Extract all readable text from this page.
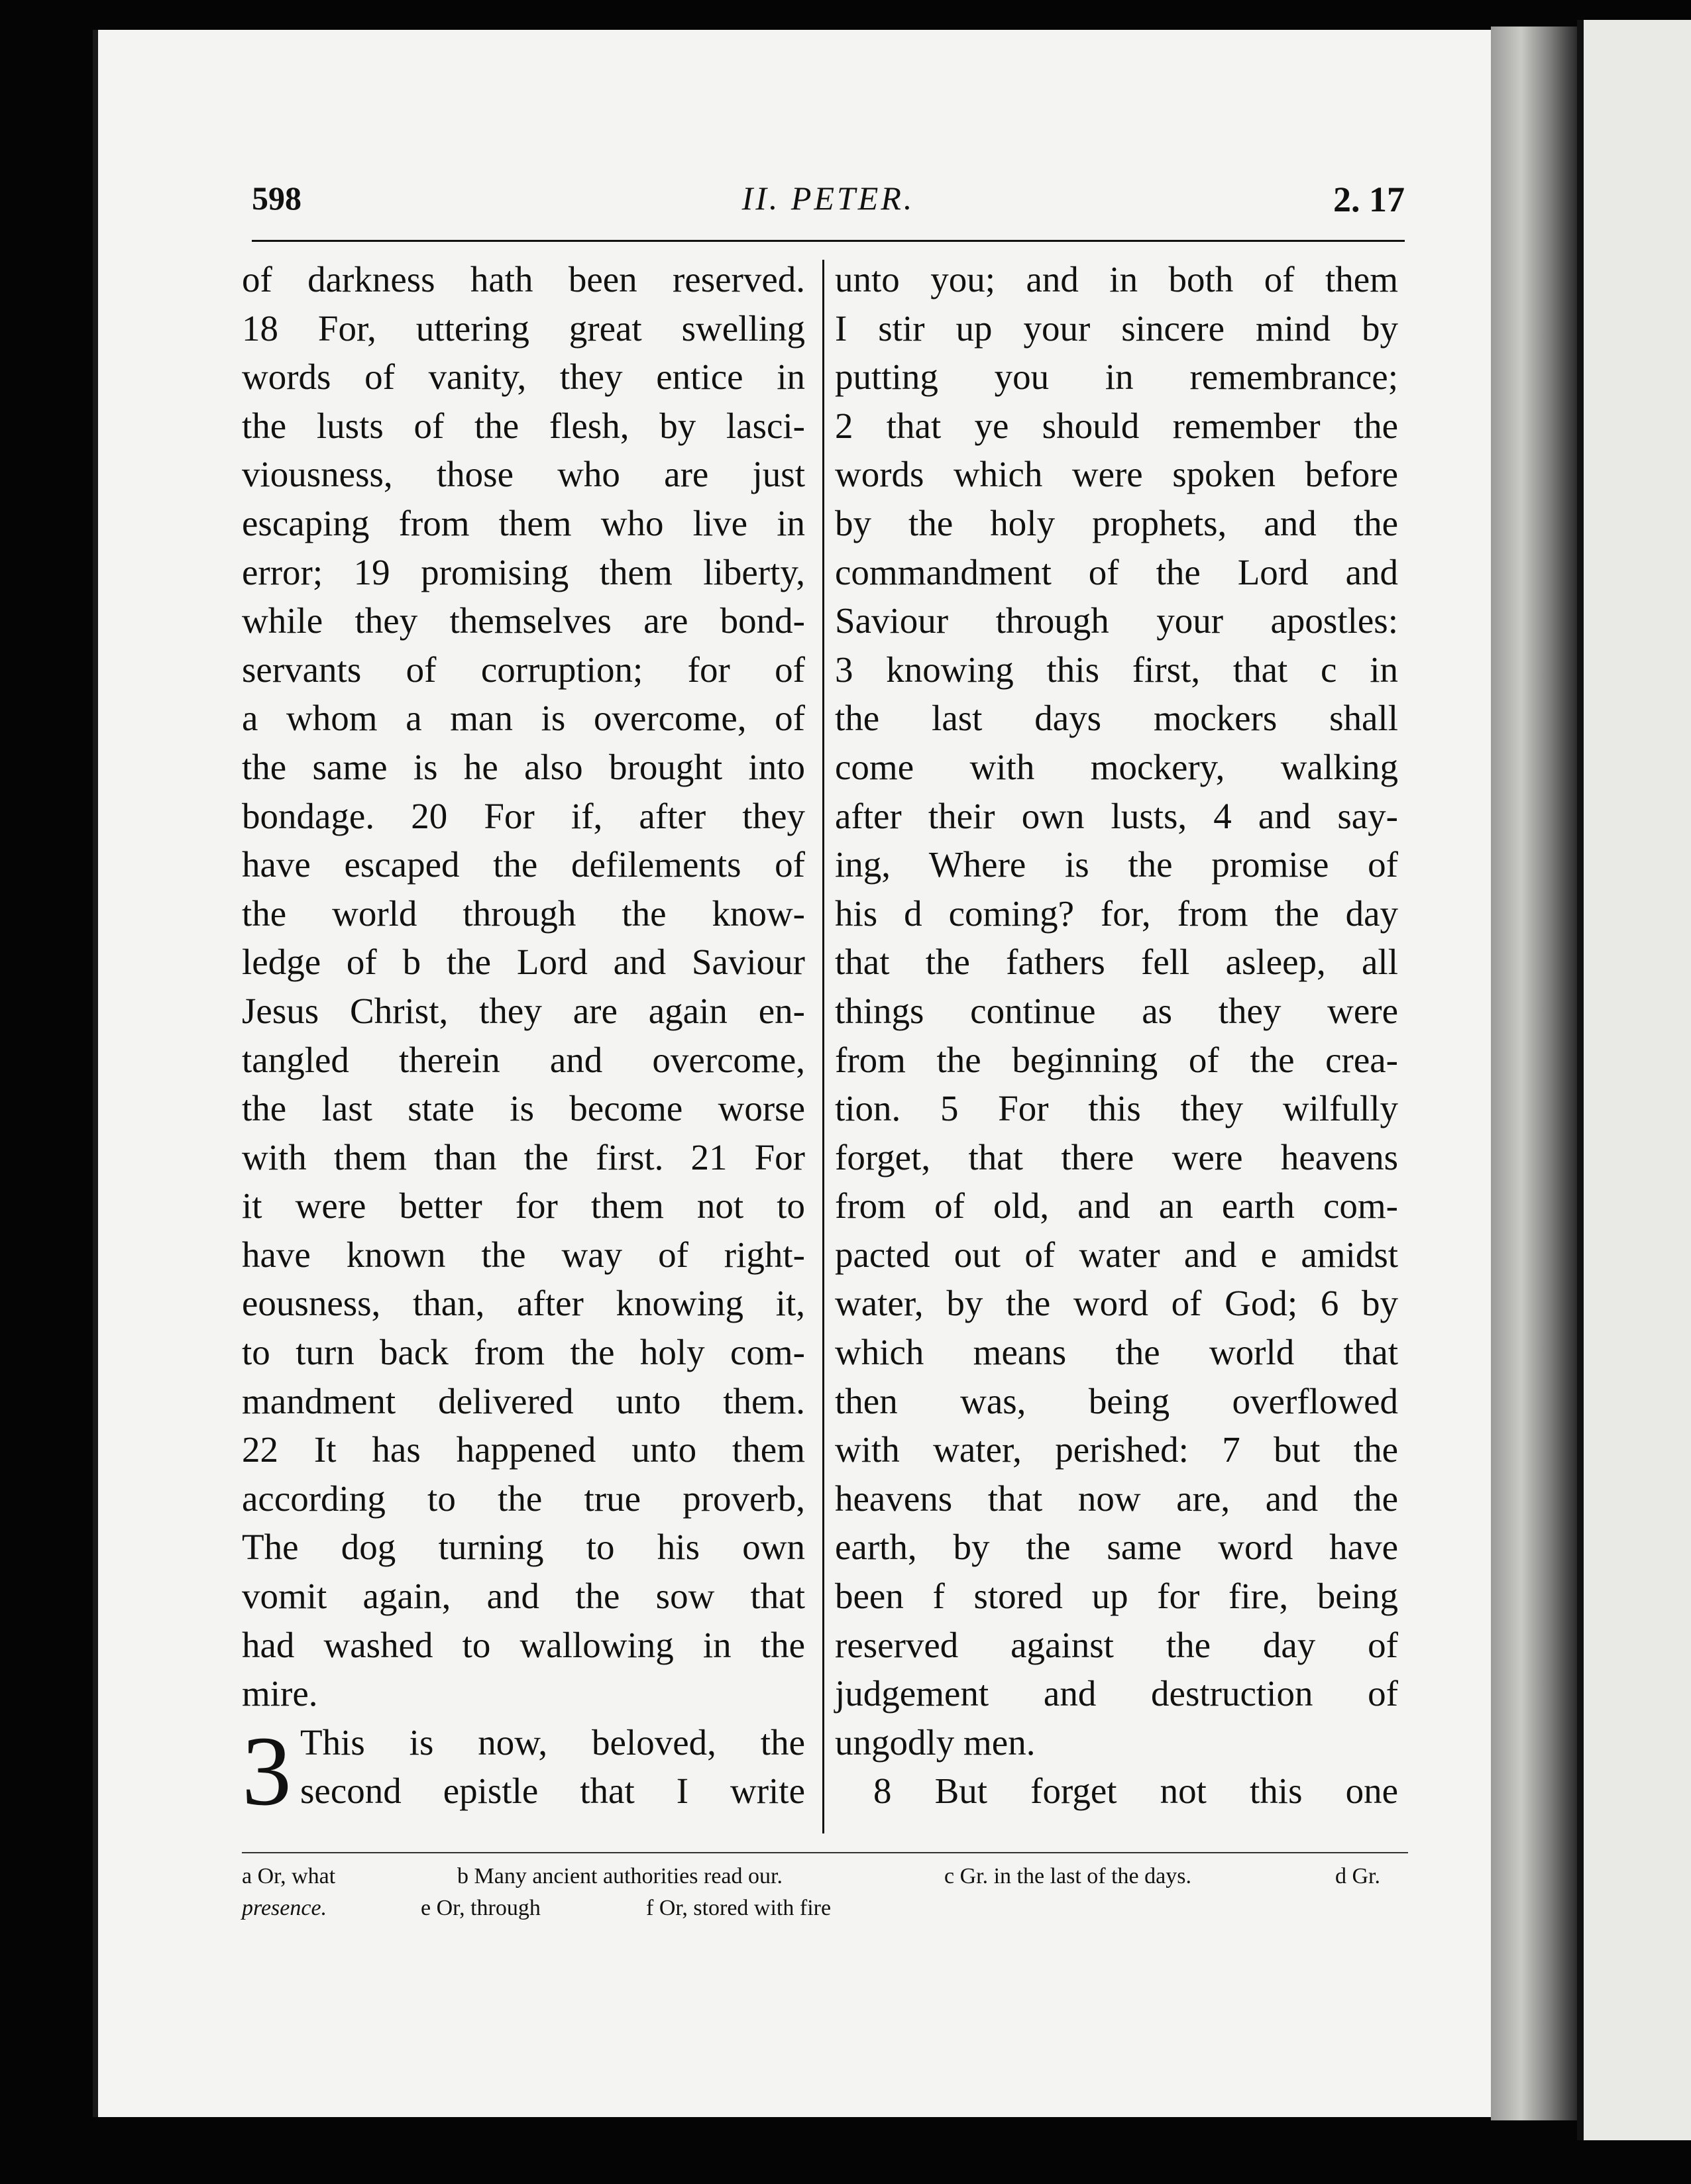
598	II. PETER.	2. 17
of darkness hath been reserved.
18 For, uttering great swelling
words of vanity, they entice in
the lusts of the flesh, by lasci-
viousness, those who are just
escaping from them who live in
error; 19 promising them liberty,
while they themselves are bond-
servants of corruption; for of
a whom a man is overcome, of
the same is he also brought into
bondage. 20 For if, after they
have escaped the defilements of
the world through the know-
ledge of b the Lord and Saviour
Jesus Christ, they are again en-
tangled therein and overcome,
the last state is become worse
with them than the first. 21 For
it were better for them not to
have known the way of right-
eousness, than, after knowing it,
to turn back from the holy com-
mandment delivered unto them.
22 It has happened unto them
according to the true proverb,
The dog turning to his own
vomit again, and the sow that
had washed to wallowing in the
mire.
3 This is now, beloved, the
second epistle that I write
unto you; and in both of them
I stir up your sincere mind by
putting you in remembrance;
2 that ye should remember the
words which were spoken before
by the holy prophets, and the
commandment of the Lord and
Saviour through your apostles:
3 knowing this first, that c in
the last days mockers shall
come with mockery, walking
after their own lusts, 4 and say-
ing, Where is the promise of
his d coming? for, from the day
that the fathers fell asleep, all
things continue as they were
from the beginning of the crea-
tion. 5 For this they wilfully
forget, that there were heavens
from of old, and an earth com-
pacted out of water and e amidst
water, by the word of God; 6 by
which means the world that
then was, being overflowed
with water, perished: 7 but the
heavens that now are, and the
earth, by the same word have
been f stored up for fire, being
reserved against the day of
judgement and destruction of
ungodly men.
8 But forget not this one
a Or, what	b Many ancient authorities read our.	c Gr. in the last of the days.	d Gr.
presence.	e Or, through	f Or, stored with fire
